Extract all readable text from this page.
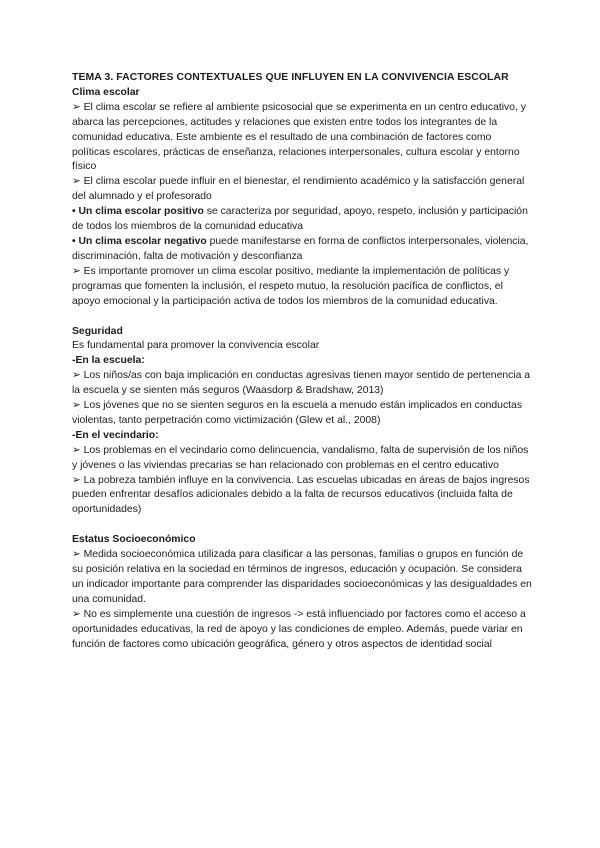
TEMA 3. FACTORES CONTEXTUALES QUE INFLUYEN EN LA CONVIVENCIA ESCOLAR

Clima escolar

➢ El clima escolar se refiere al ambiente psicosocial que se experimenta en un centro educativo, y abarca las percepciones, actitudes y relaciones que existen entre todos los integrantes de la comunidad educativa. Este ambiente es el resultado de una combinación de factores como políticas escolares, prácticas de enseñanza, relaciones interpersonales, cultura escolar y entorno físico

➢ El clima escolar puede influir en el bienestar, el rendimiento académico y la satisfacción general del alumnado y el profesorado

• Un clima escolar positivo se caracteriza por seguridad, apoyo, respeto, inclusión y participación de todos los miembros de la comunidad educativa

• Un clima escolar negativo puede manifestarse en forma de conflictos interpersonales, violencia, discriminación, falta de motivación y desconfianza

➢ Es importante promover un clima escolar positivo, mediante la implementación de políticas y programas que fomenten la inclusión, el respeto mutuo, la resolución pacífica de conflictos, el apoyo emocional y la participación activa de todos los miembros de la comunidad educativa.

Seguridad

Es fundamental para promover la convivencia escolar

-En la escuela:

➢ Los niños/as con baja implicación en conductas agresivas tienen mayor sentido de pertenencia a la escuela y se sienten más seguros (Waasdorp & Bradshaw, 2013)

➢ Los jóvenes que no se sienten seguros en la escuela a menudo están implicados en conductas violentas, tanto perpetración como victimización (Glew et al., 2008)

-En el vecindario:

➢ Los problemas en el vecindario como delincuencia, vandalismo, falta de supervisión de los niños y jóvenes o las viviendas precarias se han relacionado con problemas en el centro educativo

➢ La pobreza también influye en la convivencia. Las escuelas ubicadas en áreas de bajos ingresos pueden enfrentar desafíos adicionales debido a la falta de recursos educativos (incluida falta de oportunidades)

Estatus Socioeconómico

➢ Medida socioeconómica utilizada para clasificar a las personas, familias o grupos en función de su posición relativa en la sociedad en términos de ingresos, educación y ocupación. Se considera un indicador importante para comprender las disparidades socioeconómicas y las desigualdades en una comunidad.

➢ No es simplemente una cuestión de ingresos -> está influenciado por factores como el acceso a oportunidades educativas, la red de apoyo y las condiciones de empleo. Además, puede variar en función de factores como ubicación geográfica, género y otros aspectos de identidad social
